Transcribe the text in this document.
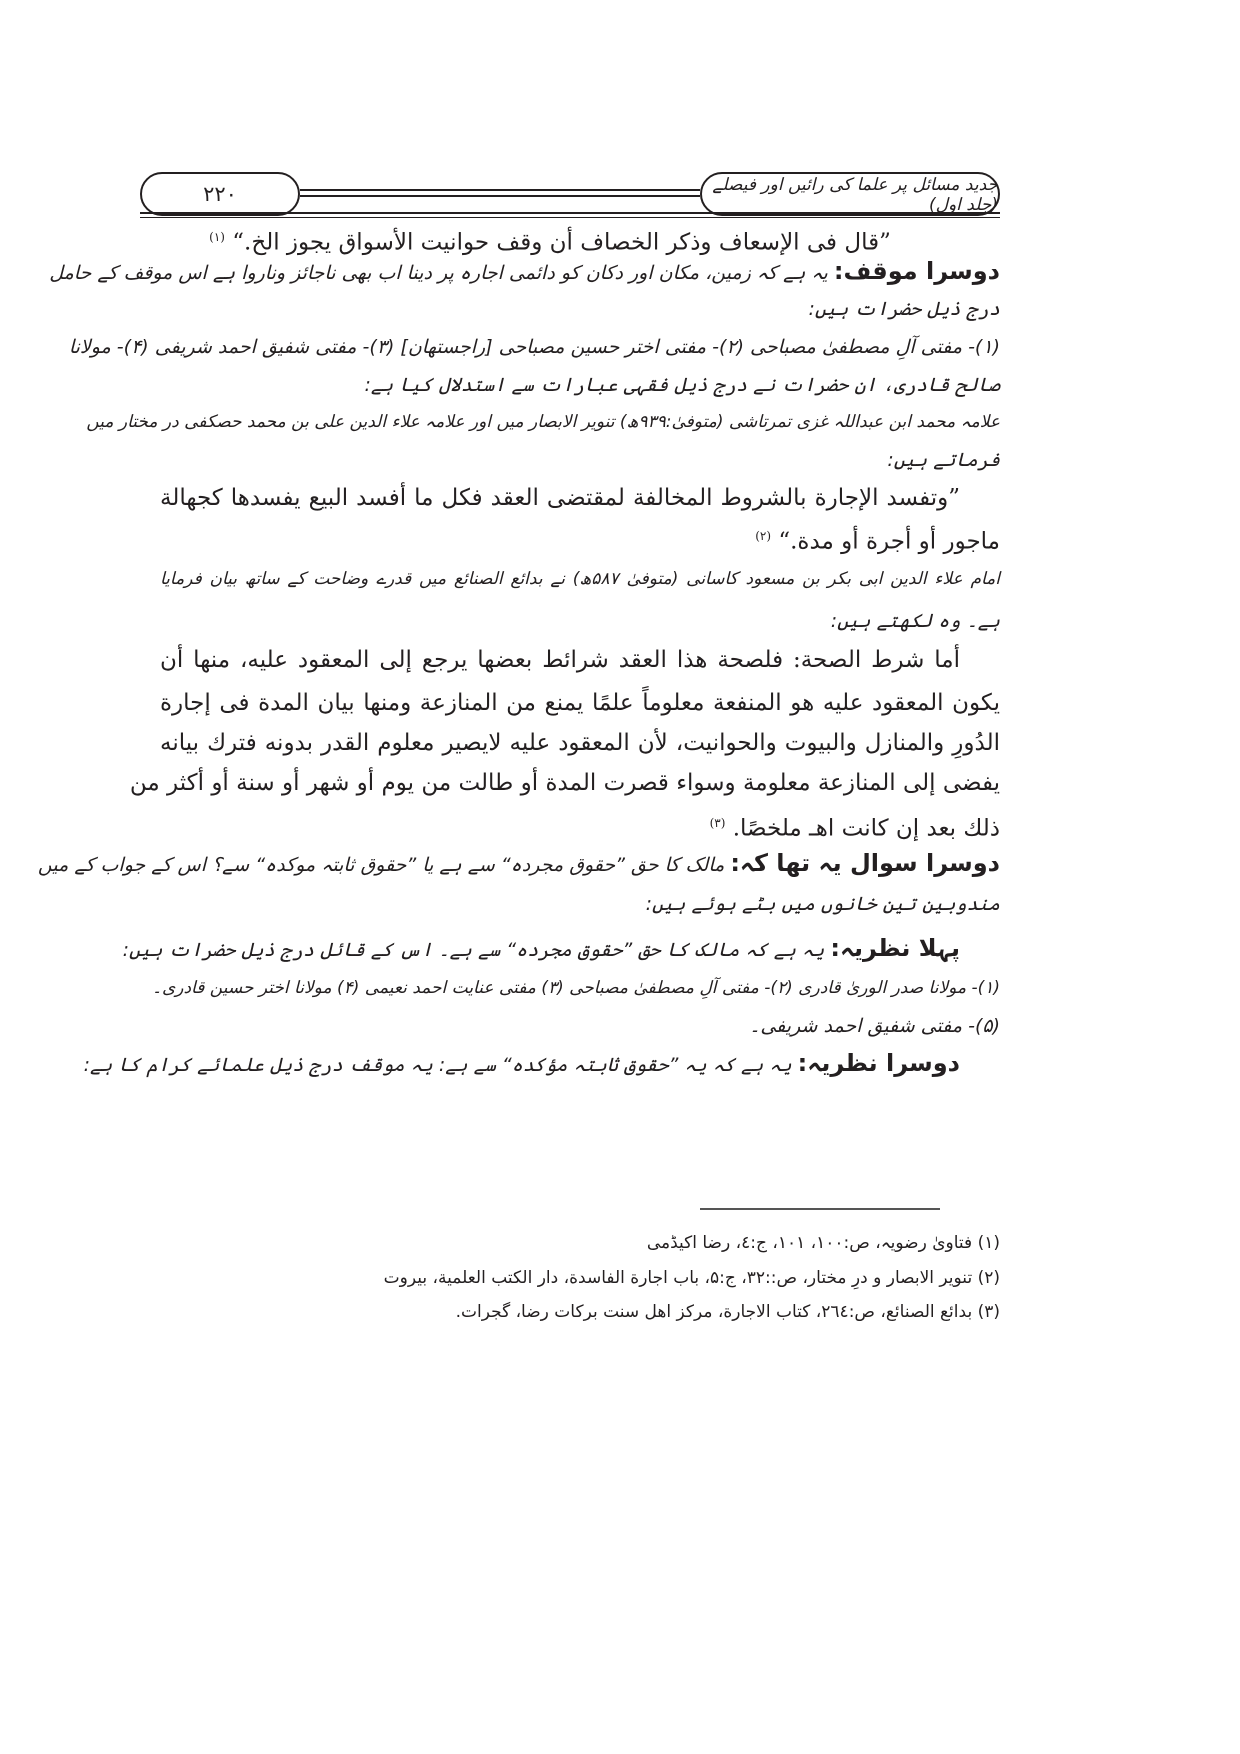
۲۲۰	جدید مسائل پر علما کی رائیں اور فیصلے (جلد اول)
”قال فی الإسعاف وذکر الخصاف أن وقف حوانیت الأسواق یجوز الخ.“ $^{(۱)}$
دوسرا موقف: یہ ہے کہ زمین، مکان اور دکان کو دائمی اجارہ پر دینا اب بھی ناجائز وناروا ہے اس موقف کے حامل
درج ذیل حضرات ہیں:
(۱)- مفتی آلِ مصطفیٰ مصباحی (۲)- مفتی اختر حسین مصباحی [راجستھان] (۳)- مفتی شفیق احمد شریفی (۴)- مولانا
صالح قادری، ان حضرات نے درج ذیل فقہی عبارات سے استدلال کیا ہے:
علامہ محمد ابن عبداللہ غزی تمرتاشی (متوفیٰ:۹۳۹ھ) تنویر الابصار میں اور علامہ علاء الدین علی بن محمد حصکفی در مختار میں
فرماتے ہیں:
”وتفسد الإجارة بالشروط المخالفة لمقتضی العقد فکل ما أفسد البیع یفسدها کجهالة
ماجور أو أجرة أو مدة.“ $^{(۲)}$
امام علاء الدین ابی بکر بن مسعود کاسانی (متوفیٰ ۵۸۷ھ) نے بدائع الصنائع میں قدرے وضاحت کے ساتھ بیان فرمایا
ہے۔ وہ لکھتے ہیں:
أما شرط الصحة: فلصحة هذا العقد شرائط بعضها یرجع إلی المعقود علیه، منها أن
یکون المعقود علیه هو المنفعة معلوماً علمًا یمنع من المنازعة ومنها بیان المدة فی إجارة
الدُورِ والمنازل والبیوت والحوانیت، لأن المعقود علیه لایصیر معلوم القدر بدونه فترك بیانه
یفضی إلی المنازعة معلومة وسواء قصرت المدة أو طالت من یوم أو شهر أو سنة أو أکثر من
ذلك بعد إن کانت اهـ ملخصًا. $^{(۳)}$
دوسرا سوال یہ تھا کہ: مالک کا حق ”حقوق مجردہ“ سے ہے یا ”حقوق ثابتہ موکدہ“ سے؟ اس کے جواب کے میں
مندوبین تین خانوں میں بٹے ہوئے ہیں:
پہلا نظریہ: یہ ہے کہ مالک کا حق ”حقوق مجردہ“ سے ہے۔ اس کے قائل درج ذیل حضرات ہیں:
(۱)- مولانا صدر الوریٰ قادری (۲)- مفتی آلِ مصطفیٰ مصباحی (۳) مفتی عنایت احمد نعیمی (۴) مولانا اختر حسین قادری۔
(۵)- مفتی شفیق احمد شریفی۔
دوسرا نظریہ: یہ ہے کہ یہ ”حقوق ثابتہ مؤکدہ“ سے ہے: یہ موقف درج ذیل علمائے کرام کا ہے:
(۱) فتاویٰ رضویہ، ص:۱۰۰، ۱۰۱، ج:٤، رضا اکیڈمی
(۲) تنویر الابصار و درِ مختار، ص::۳۲، ج:۵، باب اجارة الفاسدة، دار الکتب العلمیة، بیروت
(۳) بدائع الصنائع، ص:٢٦٤، کتاب الاجارة، مرکز اهل سنت برکات رضا، گجرات.
